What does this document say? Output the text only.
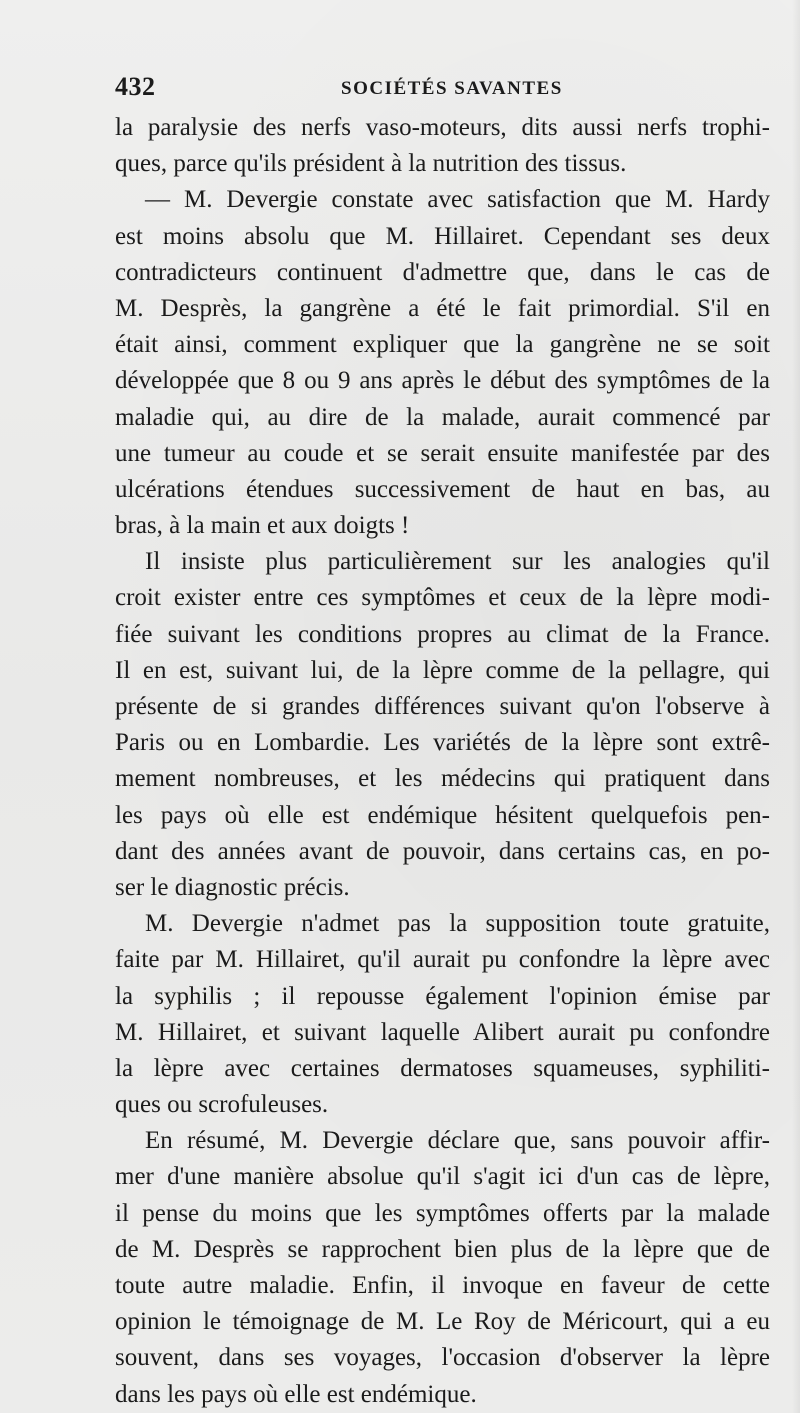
432	SOCIÉTÉS SAVANTES
la paralysie des nerfs vaso-moteurs, dits aussi nerfs trophi-
ques, parce qu'ils président à la nutrition des tissus.
— M. Devergie constate avec satisfaction que M. Hardy
est moins absolu que M. Hillairet. Cependant ses deux
contradicteurs continuent d'admettre que, dans le cas de
M. Desprès, la gangrène a été le fait primordial. S'il en
était ainsi, comment expliquer que la gangrène ne se soit
développée que 8 ou 9 ans après le début des symptômes de la
maladie qui, au dire de la malade, aurait commencé par
une tumeur au coude et se serait ensuite manifestée par des
ulcérations étendues successivement de haut en bas, au
bras, à la main et aux doigts !
Il insiste plus particulièrement sur les analogies qu'il
croit exister entre ces symptômes et ceux de la lèpre modi-
fiée suivant les conditions propres au climat de la France.
Il en est, suivant lui, de la lèpre comme de la pellagre, qui
présente de si grandes différences suivant qu'on l'observe à
Paris ou en Lombardie. Les variétés de la lèpre sont extrê-
mement nombreuses, et les médecins qui pratiquent dans
les pays où elle est endémique hésitent quelquefois pen-
dant des années avant de pouvoir, dans certains cas, en po-
ser le diagnostic précis.
M. Devergie n'admet pas la supposition toute gratuite,
faite par M. Hillairet, qu'il aurait pu confondre la lèpre avec
la syphilis ; il repousse également l'opinion émise par
M. Hillairet, et suivant laquelle Alibert aurait pu confondre
la lèpre avec certaines dermatoses squameuses, syphiliti-
ques ou scrofuleuses.
En résumé, M. Devergie déclare que, sans pouvoir affir-
mer d'une manière absolue qu'il s'agit ici d'un cas de lèpre,
il pense du moins que les symptômes offerts par la malade
de M. Desprès se rapprochent bien plus de la lèpre que de
toute autre maladie. Enfin, il invoque en faveur de cette
opinion le témoignage de M. Le Roy de Méricourt, qui a eu
souvent, dans ses voyages, l'occasion d'observer la lèpre
dans les pays où elle est endémique.
